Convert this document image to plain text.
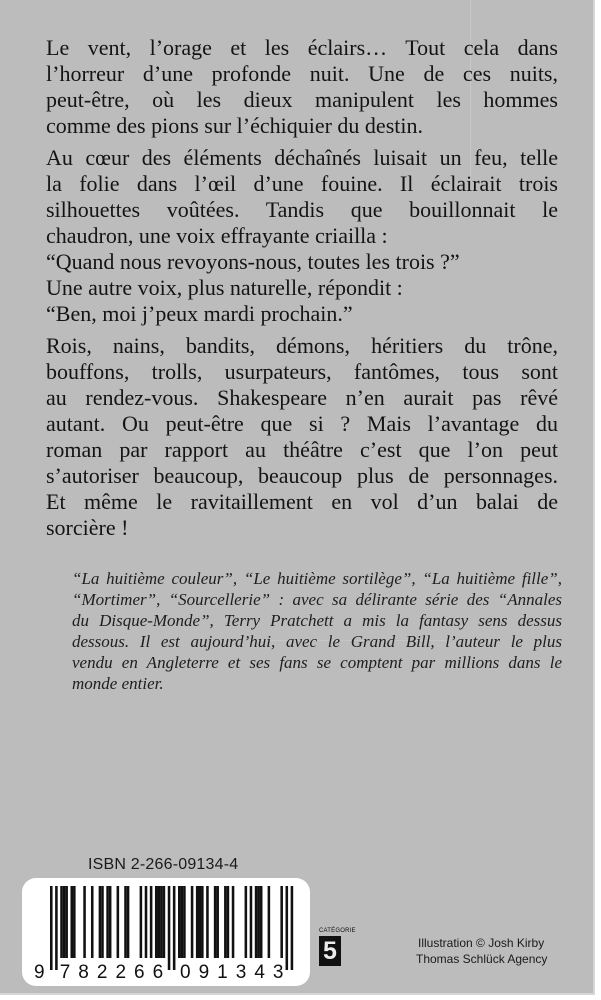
Le vent, l’orage et les éclairs… Tout cela dans
l’horreur d’une profonde nuit. Une de ces nuits,
peut-être, où les dieux manipulent les hommes
comme des pions sur l’échiquier du destin.

Au cœur des éléments déchaînés luisait un feu, telle
la folie dans l’œil d’une fouine. Il éclairait trois
silhouettes voûtées. Tandis que bouillonnait le
chaudron, une voix effrayante criailla :
“Quand nous revoyons-nous, toutes les trois ?”
Une autre voix, plus naturelle, répondit :
“Ben, moi j’peux mardi prochain.”

Rois, nains, bandits, démons, héritiers du trône,
bouffons, trolls, usurpateurs, fantômes, tous sont
au rendez-vous. Shakespeare n’en aurait pas rêvé
autant. Ou peut-être que si ? Mais l’avantage du
roman par rapport au théâtre c’est que l’on peut
s’autoriser beaucoup, beaucoup plus de personnages.
Et même le ravitaillement en vol d’un balai de
sorcière !

“La huitième couleur”, “Le huitième sortilège”, “La huitième fille”,
“Mortimer”, “Sourcellerie” : avec sa délirante série des “Annales
du Disque-Monde”, Terry Pratchett a mis la fantasy sens dessus
dessous. Il est aujourd’hui, avec le Grand Bill, l’auteur le plus
vendu en Angleterre et ses fans se comptent par millions dans le
monde entier.
ISBN 2-266-09134-4
9 782266 091343
CATÉGORIE
5	Illustration © Josh Kirby
Thomas Schlück Agency
